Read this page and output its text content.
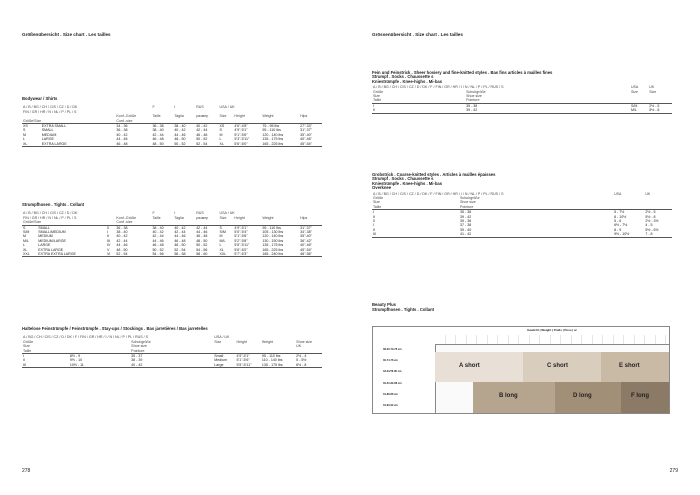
Größenübersicht . Size chart . Les tailles
Bodywear / Shirts
A / B / BG / CH / CIS / CZ / D / DK			F	I	RUS	USA / UK			
FIN / GR / HR / N / NL / P / PL / S									
		Konf.-Größe	Taille	Taglia	размер	Size	Height	Weight	Hips
Größe/Size		Conf.-size							
XS	EXTRA SMALL	34 - 36	36 - 38	38 - 40	40 - 42	XS	4'6"-4'8"	75 - 95 lbs	27"-33"
S	SMALL	36 - 38	38 - 40	40 - 42	42 - 44	S	4'9"-5'1"	95 - 110 lbs	31"-37"
M	MEDIUM	40 - 42	42 - 44	44 - 46	46 - 48	M	5'1"-5'6"	120 - 140 lbs	35"-40"
L	LARGE	44 - 46	46 - 48	48 - 50	50 - 52	L	5'3"-5'11"	135 - 175 lbs	40"-46"
XL	EXTRA LARGE	46 - 48	48 - 50	50 - 52	52 - 54	XL	5'6"-6'0"	165 - 225 lbs	45"-54"
Strumpfhosen . Tights . Collant
A / B / BG / CH / CIS / CZ / D / DK				F	I	RUS	USA / UK			
FIN / GR / HR / N / NL / P / PL / S			Konf.-Größe	Taille	Taglia	размер	Size	Height	Weight	Hips
Größe/Size			Conf.-size							
S	SMALL	0	36 - 38	38 - 40	40 - 42	42 - 44	S	4'9"-5'1"	95 - 110 lbs	31"-37"
S/M	SMALL/MEDIUM	I	38 - 40	40 - 42	42 - 44	44 - 46	S/M	5'0"-5'4"	105 - 130 lbs	34"-38"
M	MEDIUM	II	40 - 42	42 - 44	44 - 46	46 - 48	M	5'1"-5'6"	120 - 140 lbs	35"-40"
M/L	MEDIUM/LARGE	III	42 - 44	44 - 46	46 - 48	48 - 50	M/L	5'2"-5'8"	130 - 150 lbs	36"-42"
L	LARGE	IV	44 - 46	46 - 48	48 - 50	50 - 52	L	5'5"-5'11"	135 - 175 lbs	40"-46"
XL	EXTRA LARGE	V	48 - 50	50 - 52	52 - 54	54 - 56	XL	5'6"-6'0"	165 - 225 lbs	45"-54"
XXL	EXTRA EXTRA LARGE	VI	52 - 54	54 - 56	56 - 58	58 - 60	XXL	5'7"-6'3"	185 - 240 lbs	48"-56"
Haltelose Feinstrümpfe / Feinstrümpfe . Stay-ups / Stockings . Bas jarretières / Bas jarretelles
A / BG / CH / CIS / CZ / D / DK / F / FIN / GR / HR / I / N / NL / P / PL / RUS / S			USA / UK			
Größe		Schuhgröße	Size	Height	Weight	Shoe size
Size		Shoe size				UK
Taille		Pointure				
I	8½ - 9	35 - 37	Small	4'9"-5'1"	95 - 110 lbs	2½ - 4
II	9½ - 10	38 - 39	Medium	5'1"-5'6"	110 - 140 lbs	5 - 5½
III	10½ - 11	40 - 42	Large	5'5"-5'11"	135 - 175 lbs	6½ - 8
278
Grössenübersicht . Size chart . Les tailles
Fein und Feinstrick . Sheer hosiery and fine-knitted styles . Bas fins articles à mailles fines
Strumpf . Socks . Chaussette s
Kniestrümpfe . Knee-highs . Mi-bas
A / B / BG / CH / CIS / CZ / D / DK / F / FIN / GR / HR / I / N / NL / P / PL / RUS / S		USA	UK
Größe	Schuhgröße	Size	Size
Size	Shoe size		
Taille	Pointure		
I	35 - 38	S/M	2½ - 5
II	39 - 42	M/L	5½ - 8
Grobstrick . Coarse-knitted styles . Articles à mailles épaisses
Strumpf . Socks . Chaussette s
Kniestrümpfe . Knee-highs . Mi-bas
Overknee
A / B / BG / CH / CIS / CZ / D / DK / F / FIN / GR / HR / I / N / NL / P / PL / RUS / S		USA	UK
Größe	Schuhgröße		
Size	Shoe size		
Taille	Pointure		
I	35 - 38	5 - 7½	2½ - 5
II	39 - 42	8 - 10½	5½ - 8
0	35 - 36	5 - 6	2½ - 3½
I	37 - 38	6½ - 7½	4 - 5
II	39 - 40	8 - 9	5½ - 6½
III	41 - 42	9½ - 10½	7 - 8
Beauty Plus
Strumpfhosen . Tights . Collant
Gewicht | Weight | Poids | Peso | кг
38-30-70-78 cm
30-74-76 cm
33-31/76-80 cm
32-31-82-88 cm
34-86-88 cm
34-90-92 cm
A short	C short	E short
B long	D long	F long
279
